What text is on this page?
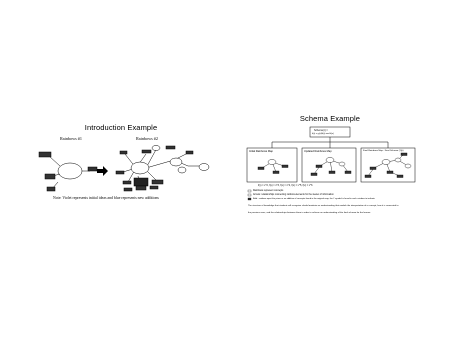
Introduction Example
Rainbows #1	Rainbows #2
Note: Violet represents initial ideas and blue represents new additions
Schema Example
Schema (t) =
f(x) = g(x)/f(x) and h(x)
Initial Rainbows Map	Updated Rainbows Map	Final Rainbows Map - Final Schema (1)(t)
f(x) = x^2, f(x) = x^3, f(x) = x^4, f(x) = x^5, f(x) = x^6
Rainbows represent concepts
Arrows: relationships connecting rainbow elements for the viewer of information
Bold - rainbow apart the prime or an addition of concepts found in the original map; the 't' symbol is found in each rainbow to indicate
The structure of knowledge that students will recognize should maintain an understanding that models the interpretation of a concept, how it is connected to
the previous ones, and the relationships between them in order to achieve an understanding of the final schema for the learner.
